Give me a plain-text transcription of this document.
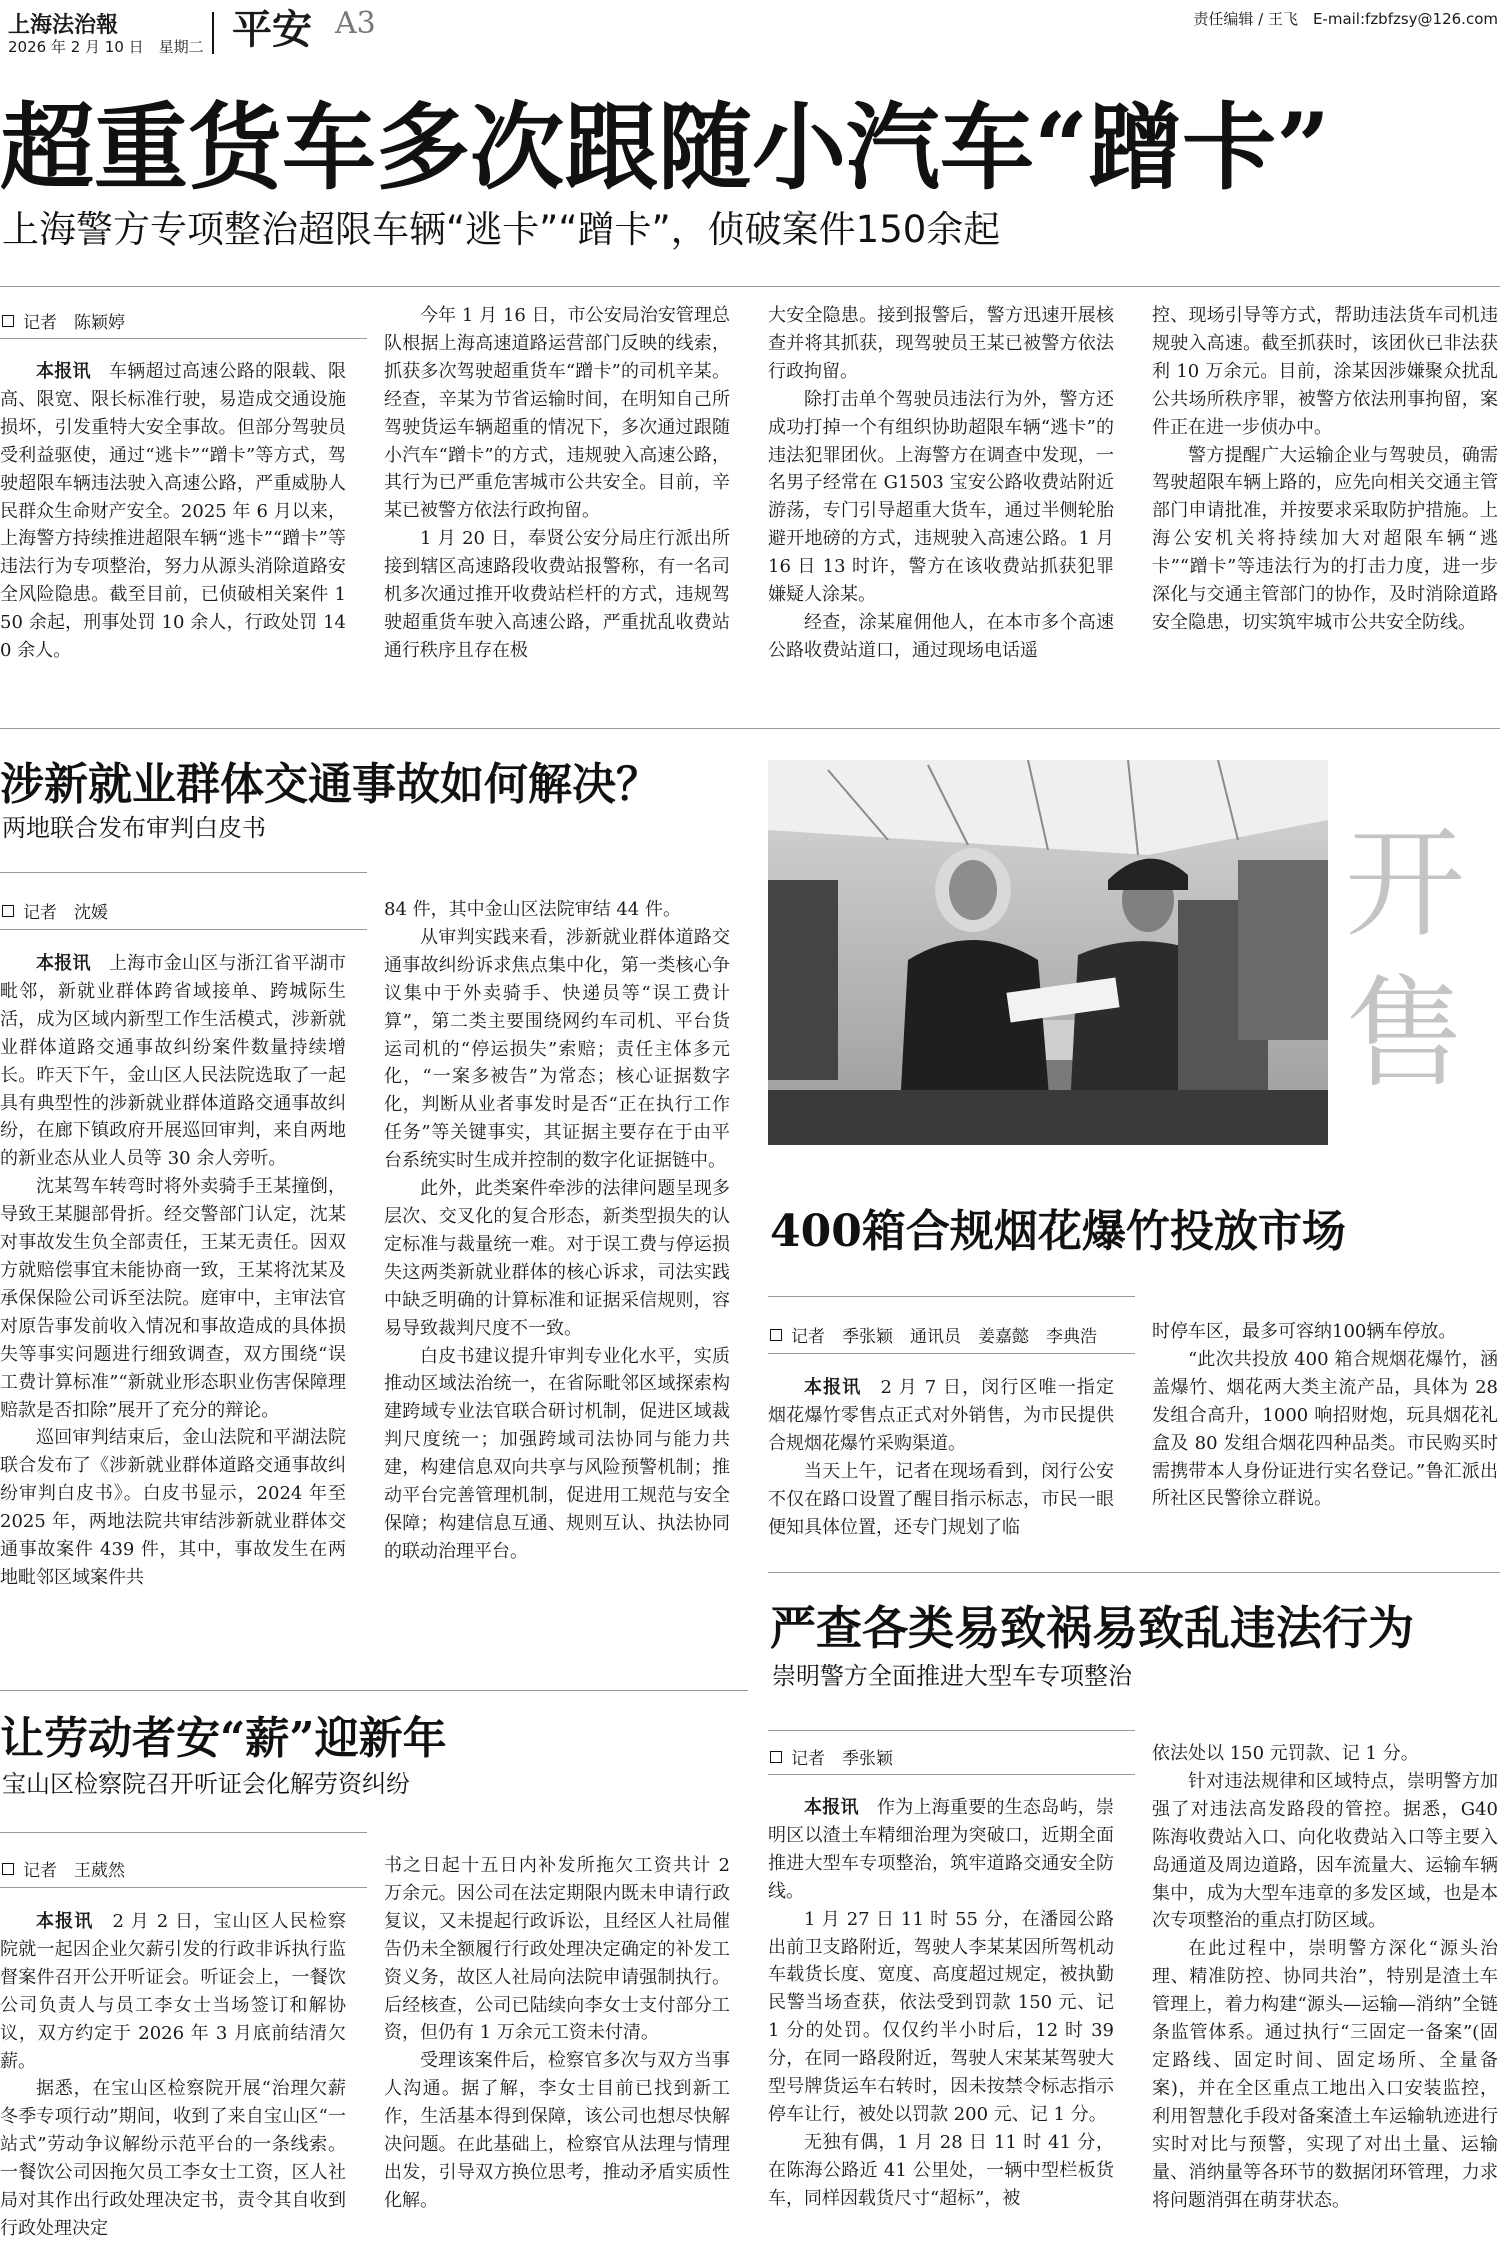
上海法治報
2026 年 2 月 10 日　星期二 平安 A3	责任编辑 / 王飞　E-mail:fzbfzsy@126.com
超重货车多次跟随小汽车“蹭卡”
上海警方专项整治超限车辆“逃卡”“蹭卡”，侦破案件150余起
记者　 陈颖婷

本报讯　 车辆超过高速公路的限载、限高、限宽、限长标准行驶，易造成交通设施损坏，引发重特大安全事故。但部分驾驶员受利益驱使，通过“逃卡”“蹭卡”等方式，驾驶超限车辆违法驶入高速公路，严重威胁人民群众生命财产安全。2025 年 6 月以来，上海警方持续推进超限车辆“逃卡”“蹭卡”等违法行为专项整治，努力从源头消除道路安全风险隐患。截至目前，已侦破相关案件 150 余起，刑事处罚 10 余人，行政处罚 140 余人。

今年 1 月 16 日，市公安局治安管理总队根据上海高速道路运营部门反映的线索，抓获多次驾驶超重货车“蹭卡”的司机辛某。经查，辛某为节省运输时间，在明知自己所驾驶货运车辆超重的情况下，多次通过跟随小汽车“蹭卡”的方式，违规驶入高速公路，其行为已严重危害城市公共安全。目前，辛某已被警方依法行政拘留。

1 月 20 日，奉贤公安分局庄行派出所接到辖区高速路段收费站报警称，有一名司机多次通过推开收费站栏杆的方式，违规驾驶超重货车驶入高速公路，严重扰乱收费站通行秩序且存在极

大安全隐患。接到报警后，警方迅速开展核查并将其抓获，现驾驶员王某已被警方依法行政拘留。

除打击单个驾驶员违法行为外，警方还成功打掉一个有组织协助超限车辆“逃卡”的违法犯罪团伙。上海警方在调查中发现，一名男子经常在 G1503 宝安公路收费站附近游荡，专门引导超重大货车，通过半侧轮胎避开地磅的方式，违规驶入高速公路。1 月 16 日 13 时许，警方在该收费站抓获犯罪嫌疑人涂某。

经查，涂某雇佣他人，在本市多个高速公路收费站道口，通过现场电话遥

控、现场引导等方式，帮助违法货车司机违规驶入高速。截至抓获时，该团伙已非法获利 10 万余元。目前，涂某因涉嫌聚众扰乱公共场所秩序罪，被警方依法刑事拘留，案件正在进一步侦办中。

警方提醒广大运输企业与驾驶员，确需驾驶超限车辆上路的，应先向相关交通主管部门申请批准，并按要求采取防护措施。上海公安机关将持续加大对超限车辆“逃卡”“蹭卡”等违法行为的打击力度，进一步深化与交通主管部门的协作，及时消除道路安全隐患，切实筑牢城市公共安全防线。

涉新就业群体交通事故如何解决？
两地联合发布审判白皮书
记者　 沈媛

本报讯　 上海市金山区与浙江省平湖市毗邻，新就业群体跨省域接单、跨城际生活，成为区域内新型工作生活模式，涉新就业群体道路交通事故纠纷案件数量持续增长。昨天下午，金山区人民法院选取了一起具有典型性的涉新就业群体道路交通事故纠纷，在廊下镇政府开展巡回审判，来自两地的新业态从业人员等 30 余人旁听。

沈某驾车转弯时将外卖骑手王某撞倒，导致王某腿部骨折。经交警部门认定，沈某对事故发生负全部责任，王某无责任。因双方就赔偿事宜未能协商一致，王某将沈某及承保保险公司诉至法院。庭审中，主审法官对原告事发前收入情况和事故造成的具体损失等事实问题进行细致调查，双方围绕“误工费计算标准”“新就业形态职业伤害保障理赔款是否扣除”展开了充分的辩论。

巡回审判结束后，金山法院和平湖法院联合发布了《涉新就业群体道路交通事故纠纷审判白皮书》。白皮书显示，2024 年至 2025 年，两地法院共审结涉新就业群体交通事故案件 439 件，其中，事故发生在两地毗邻区域案件共

84 件，其中金山区法院审结 44 件。

从审判实践来看，涉新就业群体道路交通事故纠纷诉求焦点集中化，第一类核心争议集中于外卖骑手、快递员等“误工费计算”，第二类主要围绕网约车司机、平台货运司机的“停运损失”索赔；责任主体多元化，“一案多被告”为常态；核心证据数字化，判断从业者事发时是否“正在执行工作任务”等关键事实，其证据主要存在于由平台系统实时生成并控制的数字化证据链中。

此外，此类案件牵涉的法律问题呈现多层次、交叉化的复合形态，新类型损失的认定标准与裁量统一难。对于误工费与停运损失这两类新就业群体的核心诉求，司法实践中缺乏明确的计算标准和证据采信规则，容易导致裁判尺度不一致。

白皮书建议提升审判专业化水平，实质推动区域法治统一，在省际毗邻区域探索构建跨域专业法官联合研讨机制，促进区域裁判尺度统一；加强跨域司法协同与能力共建，构建信息双向共享与风险预警机制；推动平台完善管理机制，促进用工规范与安全保障；构建信息互通、规则互认、执法协同的联动治理平台。

开售
400箱合规烟花爆竹投放市场
记者　 季张颖　通讯员　姜嘉懿　李典浩

本报讯　 2 月 7 日，闵行区唯一指定烟花爆竹零售点正式对外销售，为市民提供合规烟花爆竹采购渠道。

当天上午，记者在现场看到，闵行公安不仅在路口设置了醒目指示标志，市民一眼便知具体位置，还专门规划了临

时停车区，最多可容纳100辆车停放。

“此次共投放 400 箱合规烟花爆竹，涵盖爆竹、烟花两大类主流产品，具体为 28 发组合高升，1000 响招财炮，玩具烟花礼盒及 80 发组合烟花四种品类。市民购买时需携带本人身份证进行实名登记。”鲁汇派出所社区民警徐立群说。

让劳动者安“薪”迎新年
宝山区检察院召开听证会化解劳资纠纷
记者　 王葳然

本报讯　 2 月 2 日，宝山区人民检察院就一起因企业欠薪引发的行政非诉执行监督案件召开公开听证会。听证会上，一餐饮公司负责人与员工李女士当场签订和解协议，双方约定于 2026 年 3 月底前结清欠薪。

据悉，在宝山区检察院开展“治理欠薪冬季专项行动”期间，收到了来自宝山区“一站式”劳动争议解纷示范平台的一条线索。一餐饮公司因拖欠员工李女士工资，区人社局对其作出行政处理决定书，责令其自收到行政处理决定

书之日起十五日内补发所拖欠工资共计 2 万余元。因公司在法定期限内既未申请行政复议，又未提起行政诉讼，且经区人社局催告仍未全额履行行政处理决定确定的补发工资义务，故区人社局向法院申请强制执行。后经核查，公司已陆续向李女士支付部分工资，但仍有 1 万余元工资未付清。

受理该案件后，检察官多次与双方当事人沟通。据了解，李女士目前已找到新工作，生活基本得到保障，该公司也想尽快解决问题。在此基础上，检察官从法理与情理出发，引导双方换位思考，推动矛盾实质性化解。

严查各类易致祸易致乱违法行为
崇明警方全面推进大型车专项整治
记者　 季张颖

本报讯　 作为上海重要的生态岛屿，崇明区以渣土车精细治理为突破口，近期全面推进大型车专项整治，筑牢道路交通安全防线。

1 月 27 日 11 时 55 分，在潘园公路出前卫支路附近，驾驶人李某某因所驾机动车载货长度、宽度、高度超过规定，被执勤民警当场查获，依法受到罚款 150 元、记 1 分的处罚。仅仅约半小时后，12 时 39 分，在同一路段附近，驾驶人宋某某驾驶大型号牌货运车右转时，因未按禁令标志指示停车让行，被处以罚款 200 元、记 1 分。

无独有偶，1 月 28 日 11 时 41 分，在陈海公路近 41 公里处，一辆中型栏板货车，同样因载货尺寸“超标”，被

依法处以 150 元罚款、记 1 分。

针对违法规律和区域特点，崇明警方加强了对违法高发路段的管控。据悉，G40 陈海收费站入口、向化收费站入口等主要入岛通道及周边道路，因车流量大、运输车辆集中，成为大型车违章的多发区域，也是本次专项整治的重点打防区域。

在此过程中，崇明警方深化“源头治理、精准防控、协同共治”，特别是渣土车管理上，着力构建“源头—运输—消纳”全链条监管体系。通过执行“三固定一备案”(固定路线、固定时间、固定场所、全量备案)，并在全区重点工地出入口安装监控，利用智慧化手段对备案渣土车运输轨迹进行实时对比与预警，实现了对出土量、运输量、消纳量等各环节的数据闭环管理，力求将问题消弭在萌芽状态。
